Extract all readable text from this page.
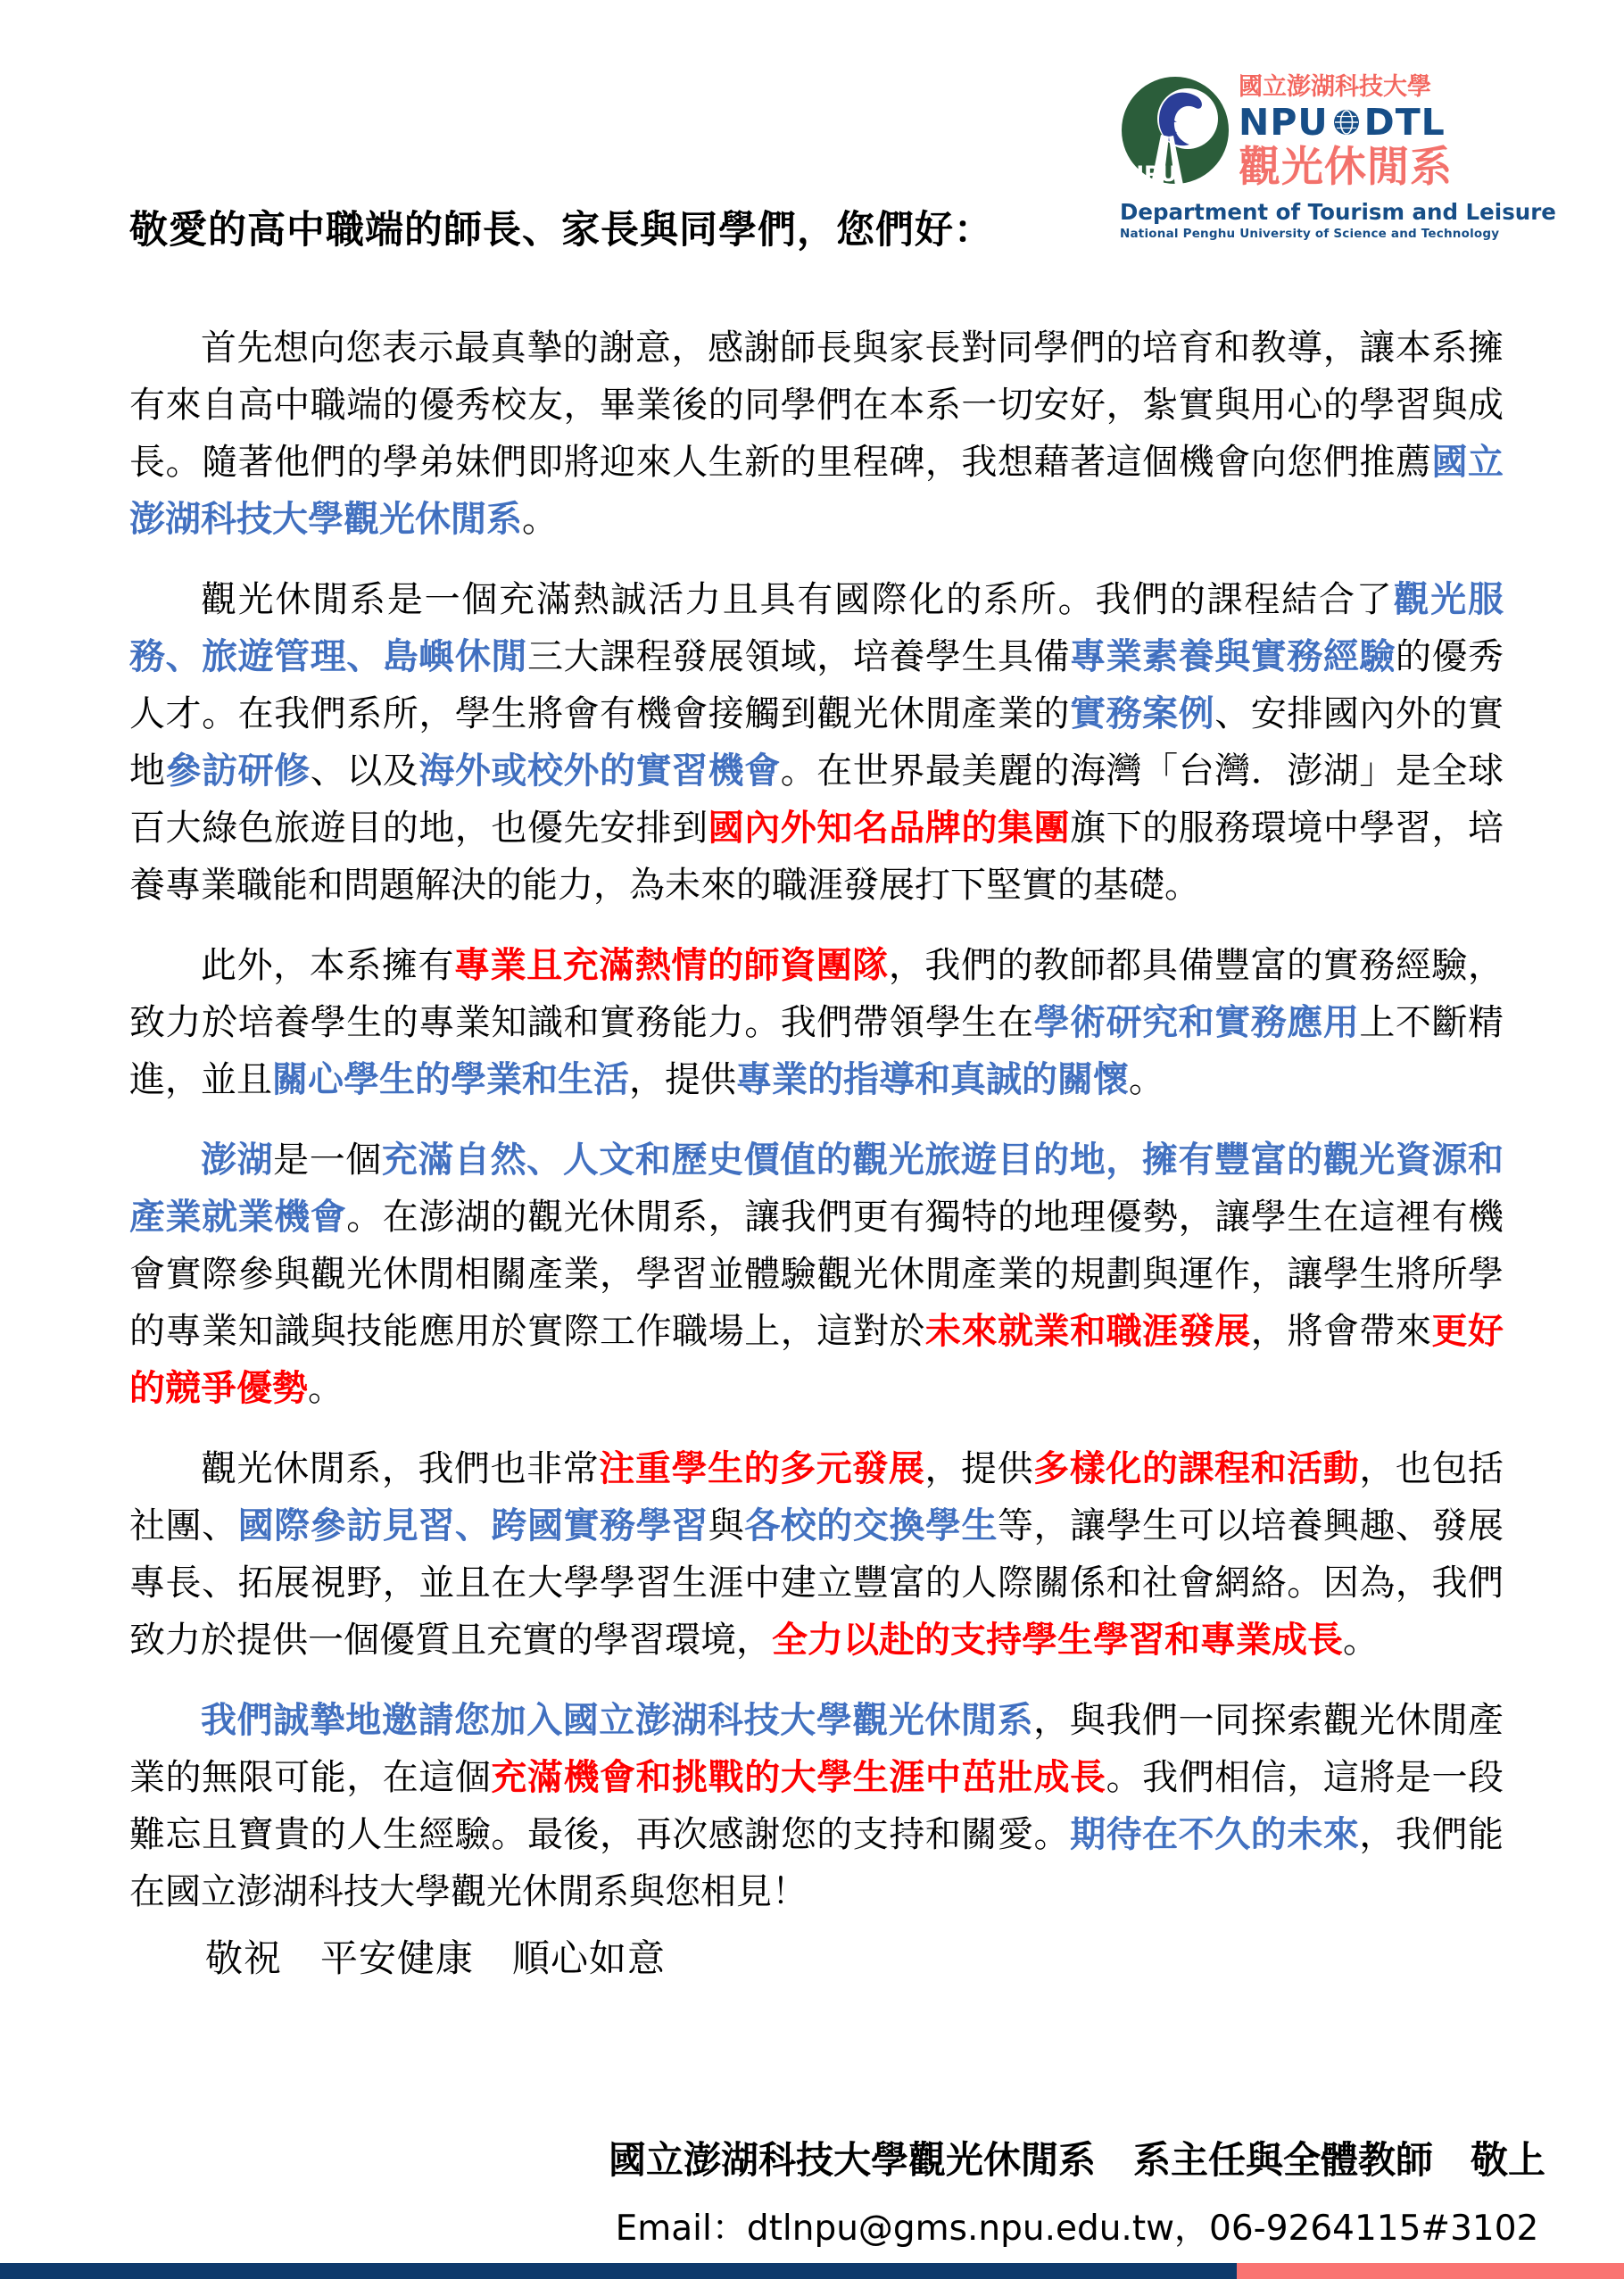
NPU
國立澎湖科技大學
NPU DTL
觀光休閒系
Department of Tourism and Leisure
National Penghu University of Science and Technology
敬愛的高中職端的師長、家長與同學們，您們好：

首先想向您表示最真摯的謝意，感謝師長與家長對同學們的培育和教導，讓本系擁有來自高中職端的優秀校友，畢業後的同學們在本系一切安好，紮實與用心的學習與成長。隨著他們的學弟妹們即將迎來人生新的里程碑，我想藉著這個機會向您們推薦國立澎湖科技大學觀光休閒系。

觀光休閒系是一個充滿熱誠活力且具有國際化的系所。我們的課程結合了觀光服務、旅遊管理、島嶼休閒三大課程發展領域，培養學生具備專業素養與實務經驗的優秀人才。在我們系所，學生將會有機會接觸到觀光休閒產業的實務案例、安排國內外的實地參訪研修、以及海外或校外的實習機會。在世界最美麗的海灣「台灣．澎湖」是全球百大綠色旅遊目的地，也優先安排到國內外知名品牌的集團旗下的服務環境中學習，培養專業職能和問題解決的能力，為未來的職涯發展打下堅實的基礎。

此外，本系擁有專業且充滿熱情的師資團隊，我們的教師都具備豐富的實務經驗，致力於培養學生的專業知識和實務能力。我們帶領學生在學術研究和實務應用上不斷精進，並且關心學生的學業和生活，提供專業的指導和真誠的關懷。

澎湖是一個充滿自然、人文和歷史價值的觀光旅遊目的地，擁有豐富的觀光資源和產業就業機會。在澎湖的觀光休閒系，讓我們更有獨特的地理優勢，讓學生在這裡有機會實際參與觀光休閒相關產業，學習並體驗觀光休閒產業的規劃與運作，讓學生將所學的專業知識與技能應用於實際工作職場上，這對於未來就業和職涯發展，將會帶來更好的競爭優勢。

觀光休閒系，我們也非常注重學生的多元發展，提供多樣化的課程和活動，也包括社團、國際參訪見習、跨國實務學習與各校的交換學生等，讓學生可以培養興趣、發展專長、拓展視野，並且在大學學習生涯中建立豐富的人際關係和社會網絡。因為，我們致力於提供一個優質且充實的學習環境，全力以赴的支持學生學習和專業成長。

我們誠摯地邀請您加入國立澎湖科技大學觀光休閒系，與我們一同探索觀光休閒產業的無限可能，在這個充滿機會和挑戰的大學生涯中茁壯成長。我們相信，這將是一段難忘且寶貴的人生經驗。最後，再次感謝您的支持和關愛。期待在不久的未來，我們能在國立澎湖科技大學觀光休閒系與您相見！

敬祝　平安健康　順心如意
國立澎湖科技大學觀光休閒系　系主任與全體教師　敬上
Email：dtlnpu@gms.npu.edu.tw，06-9264115#3102
